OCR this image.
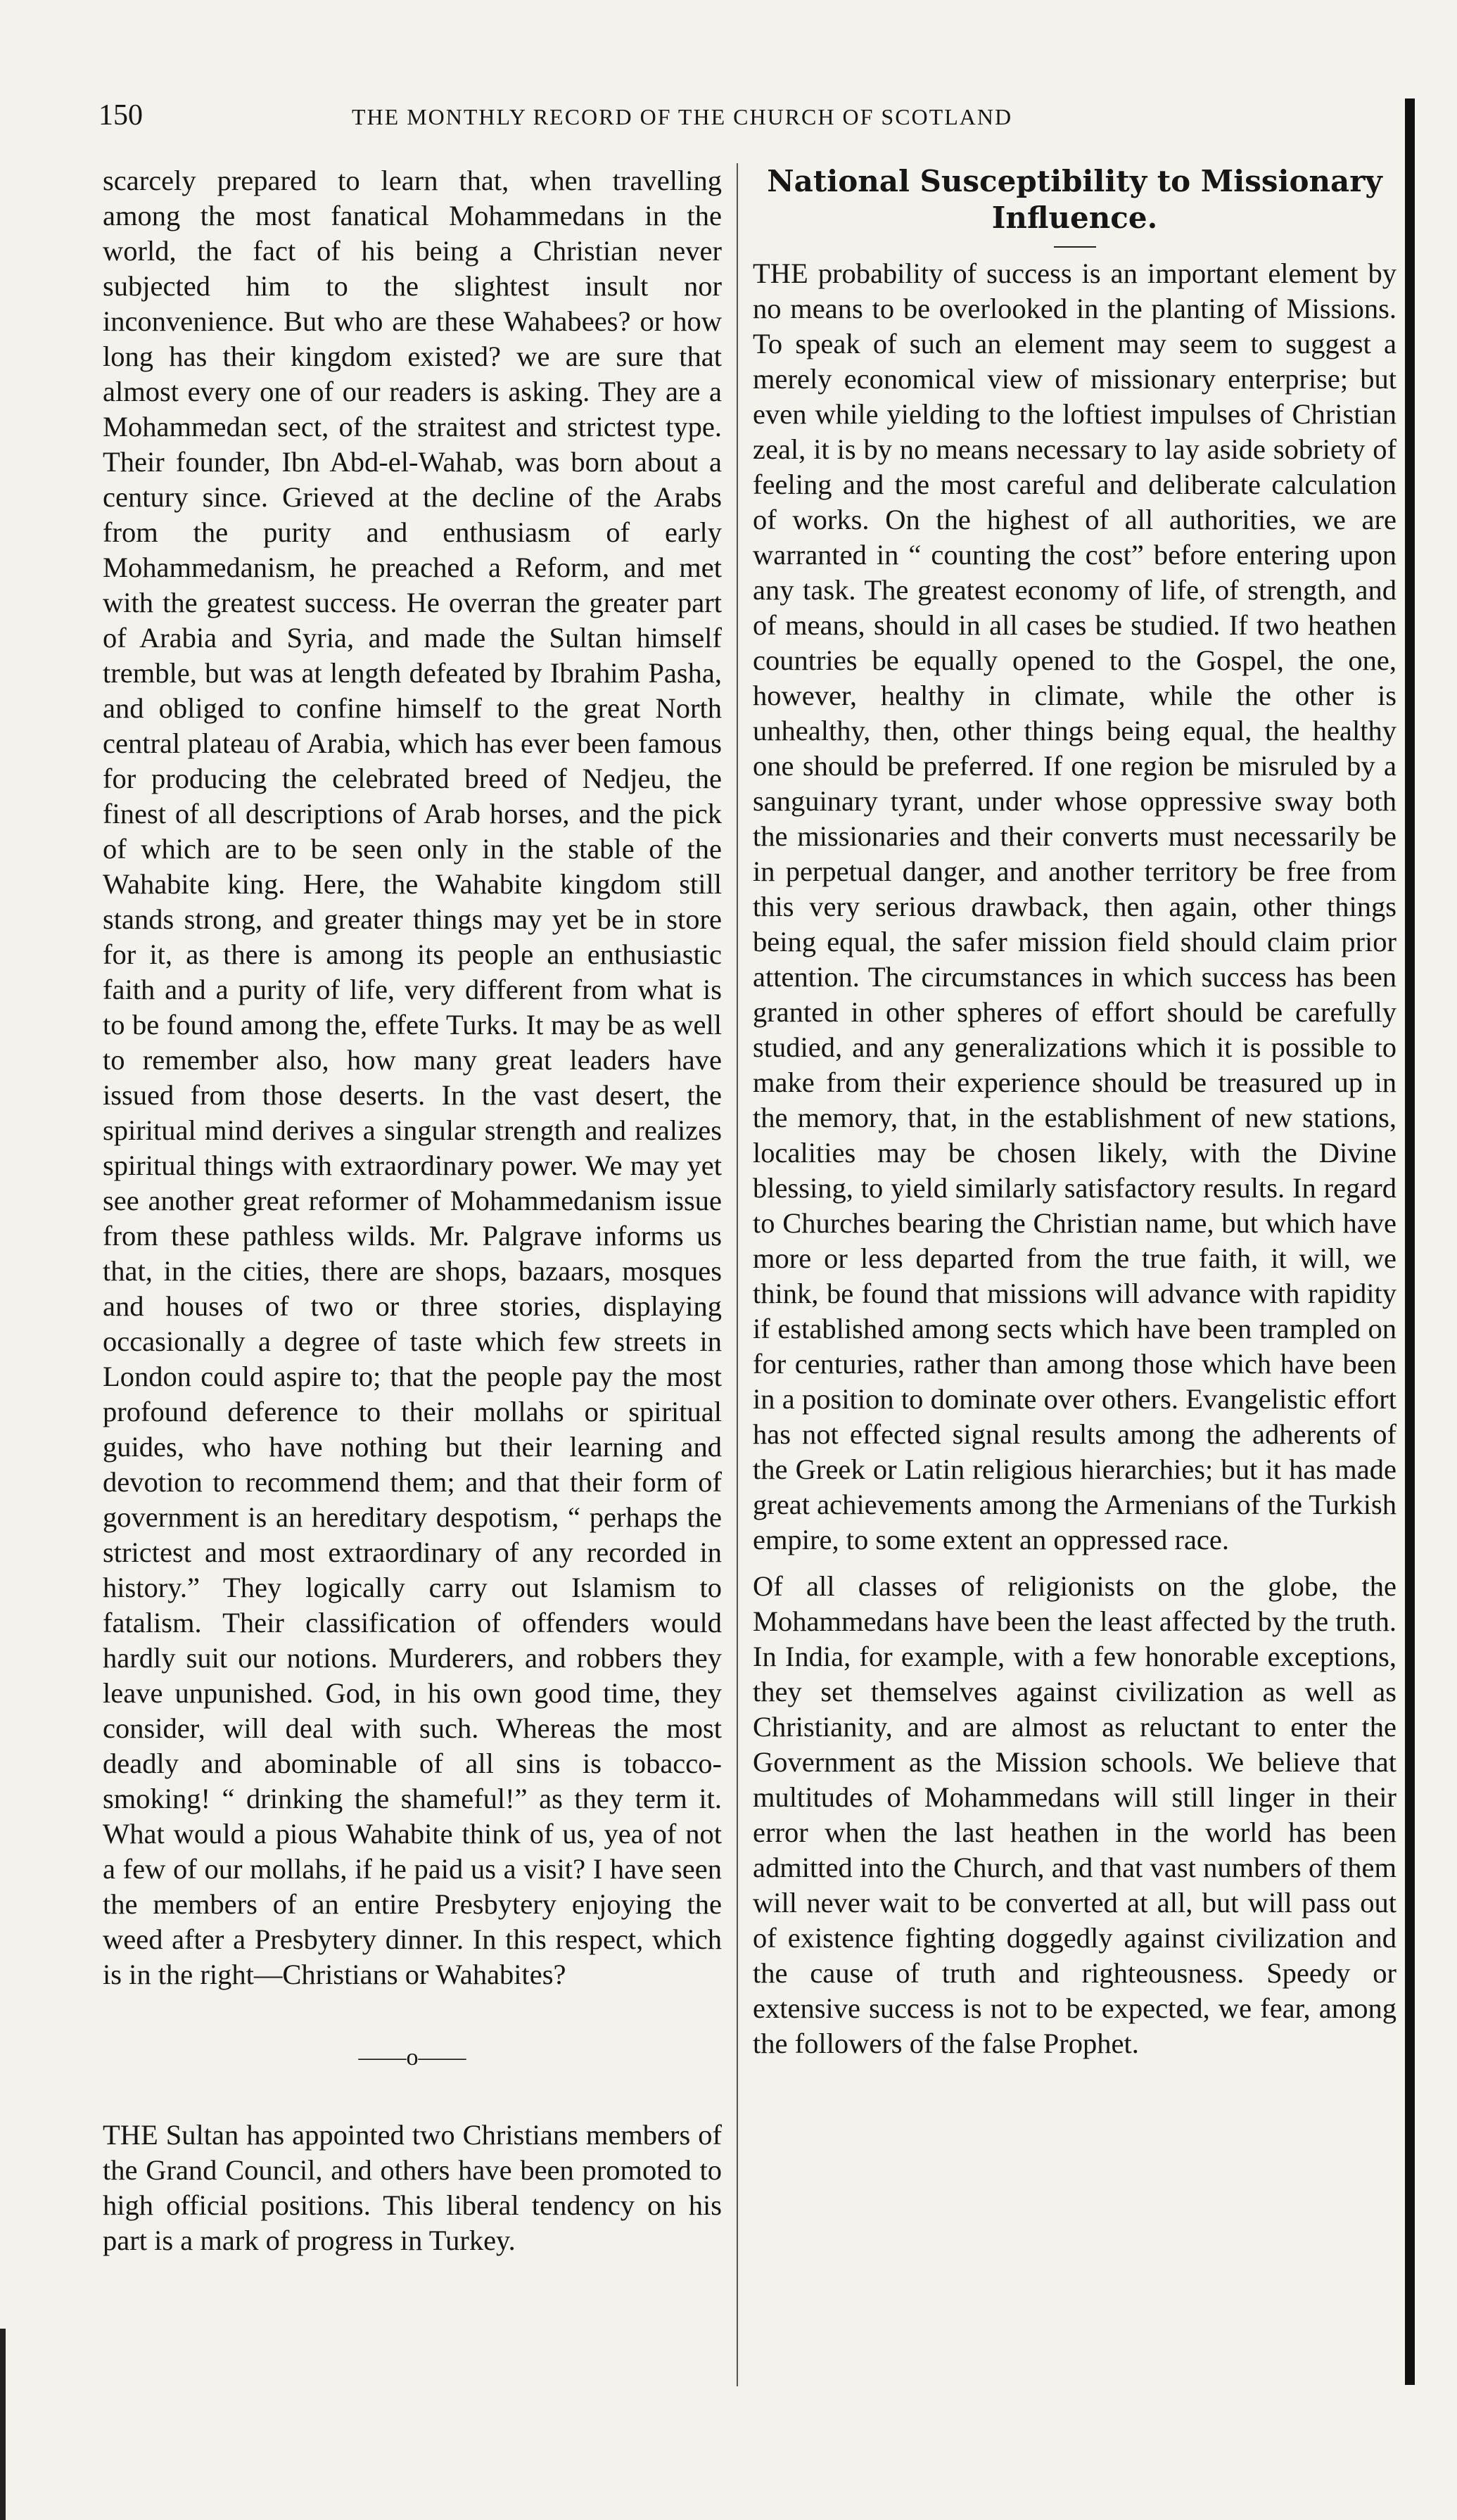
150	THE MONTHLY RECORD OF THE CHURCH OF SCOTLAND

scarcely prepared to learn that, when travelling among the most fanatical Mohammedans in the world, the fact of his being a Christian never subjected him to the slightest insult nor inconvenience. But who are these Wahabees? or how long has their kingdom existed? we are sure that almost every one of our readers is asking. They are a Mohammedan sect, of the straitest and strictest type. Their founder, Ibn Abd-el-Wahab, was born about a century since. Grieved at the decline of the Arabs from the purity and enthusiasm of early Mohammedanism, he preached a Reform, and met with the greatest success. He overran the greater part of Arabia and Syria, and made the Sultan himself tremble, but was at length defeated by Ibrahim Pasha, and obliged to confine himself to the great North central plateau of Arabia, which has ever been famous for producing the celebrated breed of Nedjeu, the finest of all descriptions of Arab horses, and the pick of which are to be seen only in the stable of the Wahabite king. Here, the Wahabite kingdom still stands strong, and greater things may yet be in store for it, as there is among its people an enthusiastic faith and a purity of life, very different from what is to be found among the, effete Turks. It may be as well to remember also, how many great leaders have issued from those deserts. In the vast desert, the spiritual mind derives a singular strength and realizes spiritual things with extraordinary power. We may yet see another great reformer of Mohammedanism issue from these pathless wilds. Mr. Palgrave informs us that, in the cities, there are shops, bazaars, mosques and houses of two or three stories, displaying occasionally a degree of taste which few streets in London could aspire to; that the people pay the most profound deference to their mollahs or spiritual guides, who have nothing but their learning and devotion to recommend them; and that their form of government is an hereditary despotism, “ perhaps the strictest and most extraordinary of any recorded in history.” They logically carry out Islamism to fatalism. Their classification of offenders would hardly suit our notions. Murderers, and robbers they leave unpunished. God, in his own good time, they consider, will deal with such. Whereas the most deadly and abominable of all sins is tobacco-smoking! “ drinking the shameful!” as they term it. What would a pious Wahabite think of us, yea of not a few of our mollahs, if he paid us a visit? I have seen the members of an entire Presbytery enjoying the weed after a Presbytery dinner. In this respect, which is in the right—Christians or Wahabites?

——o——

THE Sultan has appointed two Christians members of the Grand Council, and others have been promoted to high official positions. This liberal tendency on his part is a mark of progress in Turkey.

National Susceptibility to Missionary Influence.

THE probability of success is an important element by no means to be overlooked in the planting of Missions. To speak of such an element may seem to suggest a merely economical view of missionary enterprise; but even while yielding to the loftiest impulses of Christian zeal, it is by no means necessary to lay aside sobriety of feeling and the most careful and deliberate calculation of works. On the highest of all authorities, we are warranted in “ counting the cost” before entering upon any task. The greatest economy of life, of strength, and of means, should in all cases be studied. If two heathen countries be equally opened to the Gospel, the one, however, healthy in climate, while the other is unhealthy, then, other things being equal, the healthy one should be preferred. If one region be misruled by a sanguinary tyrant, under whose oppressive sway both the missionaries and their converts must necessarily be in perpetual danger, and another territory be free from this very serious drawback, then again, other things being equal, the safer mission field should claim prior attention. The circumstances in which success has been granted in other spheres of effort should be carefully studied, and any generalizations which it is possible to make from their experience should be treasured up in the memory, that, in the establishment of new stations, localities may be chosen likely, with the Divine blessing, to yield similarly satisfactory results. In regard to Churches bearing the Christian name, but which have more or less departed from the true faith, it will, we think, be found that missions will advance with rapidity if established among sects which have been trampled on for centuries, rather than among those which have been in a position to dominate over others. Evangelistic effort has not effected signal results among the adherents of the Greek or Latin religious hierarchies; but it has made great achievements among the Armenians of the Turkish empire, to some extent an oppressed race.

Of all classes of religionists on the globe, the Mohammedans have been the least affected by the truth. In India, for example, with a few honorable exceptions, they set themselves against civilization as well as Christianity, and are almost as reluctant to enter the Government as the Mission schools. We believe that multitudes of Mohammedans will still linger in their error when the last heathen in the world has been admitted into the Church, and that vast numbers of them will never wait to be converted at all, but will pass out of existence fighting doggedly against civilization and the cause of truth and righteousness. Speedy or extensive success is not to be expected, we fear, among the followers of the false Prophet.
